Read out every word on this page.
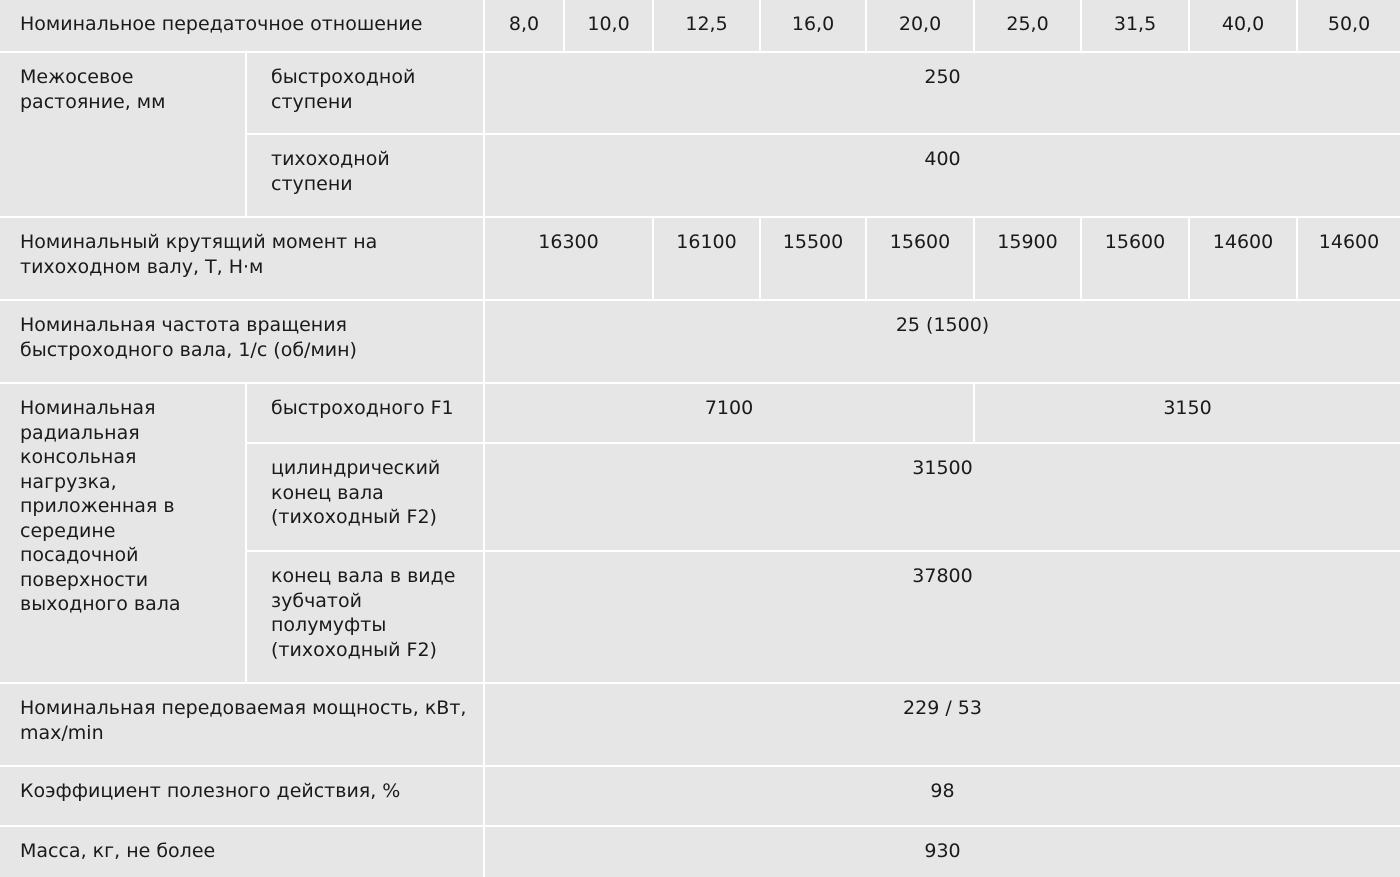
Номинальное передаточное отношение		8,0	10,0	12,5	16,0	20,0	25,0	31,5	40,0	50,0
Межосевое растояние, мм	быстроходной ступени	250								
	тихоходной ступени	400								
Номинальный крутящий момент на тихоходном валу, Т, Н·м		16300		16100	15500	15600	15900	15600	14600	14600
Номинальная частота вращения быстроходного вала, 1/с (об/мин)		25 (1500)								
Номинальная радиальная консольная нагрузка, приложенная в середине посадочной поверхности выходного вала	быстроходного F1	7100					3150			
	цилиндрический конец вала (тихоходный F2)	31500								
	конец вала в виде зубчатой полумуфты (тихоходный F2)	37800								
Номинальная передоваемая мощность, кВт, max/min		229 / 53								
Коэффициент полезного действия, %		98								
Масса, кг, не более		930								
